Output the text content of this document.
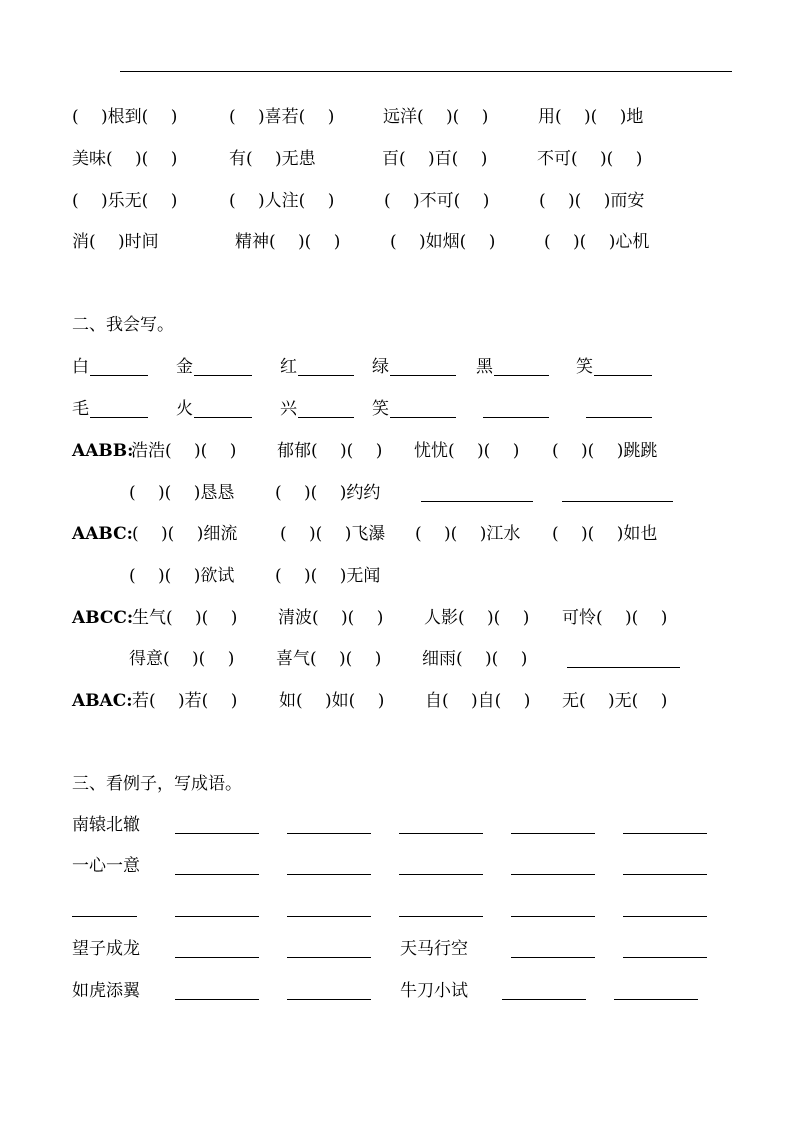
(　 )根到(　 )	(　 )喜若(　 )	远洋(　 )(　 )	用(　 )(　 )地
美味(　 )(　 )	有(　 )无患	百(　 )百(　 )	不可(　 )(　 )
(　 )乐无(　 )	(　 )人注(　 )	(　 )不可(　 )	(　 )(　 )而安
消(　 )时间	精神(　 )(　 )	(　 )如烟(　 )	(　 )(　 )心机
二、我会写。
白	金	红	绿	黑	笑
毛	火	兴	笑
AABB:
浩浩(　 )(　 ) 郁郁(　 )(　 ) 忧忧(　 )(　 ) (　 )(　 )跳跳
(　 )(　 )恳恳 (　 )(　 )约约
AABC: (　 )(　 )细流	(　 )(　 )飞瀑 (　 )(　 )江水 (　 )(　 )如也
(　 )(　 )欲试 (　 )(　 )无闻
ABCC:
生气(　 )(　 ) 清波(　 )(　 ) 人影(　 )(　 ) 可怜(　 )(　 )
得意(　 )(　 ) 喜气(　 )(　 ) 细雨(　 )(　 )
ABAC: 若(　 )若(　 ) 如(　 )如(　 ) 自(　 )自(　 ) 无(　 )无(　 )
三、看例子，写成语。
南辕北辙
一心一意
望子成龙	天马行空
如虎添翼	牛刀小试
